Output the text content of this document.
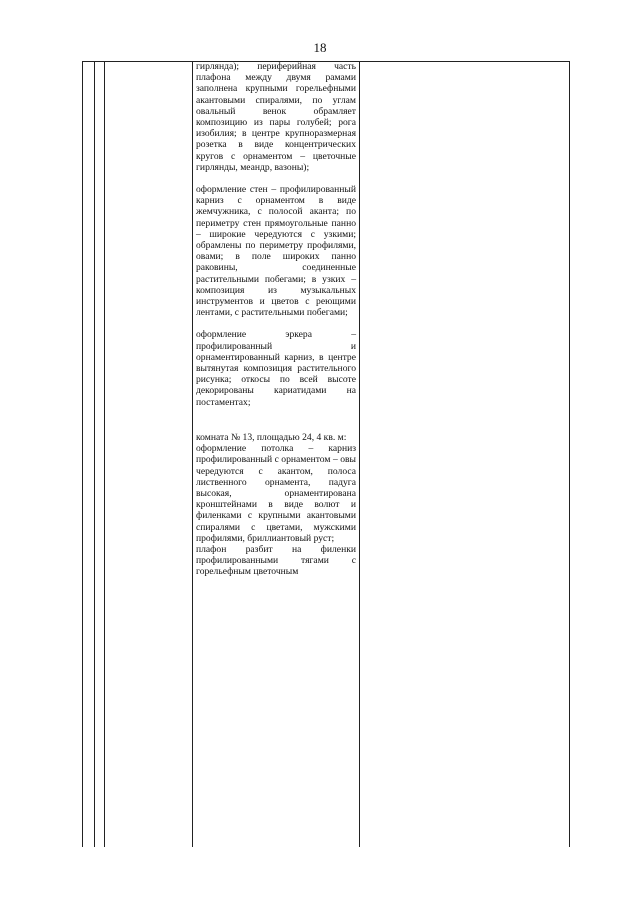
18

гирлянда); периферийная часть плафона между двумя рамами заполнена крупными горельефными акантовыми спиралями, по углам овальный венок обрамляет композицию из пары голубей; рога изобилия; в центре крупноразмерная розетка в виде концентрических кругов с орнаментом – цветочные гирлянды, меандр, вазоны);

оформление стен – профилированный карниз с орнаментом в виде жемчужника, с полосой аканта; по периметру стен прямоугольные панно – широкие чередуются с узкими; обрамлены по периметру профилями, овами; в поле широких панно раковины, соединенные растительными побегами; в узких – композиция из музыкальных инструментов и цветов с реющими лентами, с растительными побегами;

оформление эркера – профилированный и орнаментированный карниз, в центре вытянутая композиция растительного рисунка; откосы по всей высоте декорированы кариатидами на постаментах;

комната № 13, площадью 24, 4 кв. м:

оформление потолка – карниз профилированный с орнаментом – овы чередуются с акантом, полоса лиственного орнамента, падуга высокая, орнаментирована кронштейнами в виде волют и филенками с крупными акантовыми спиралями с цветами, мужскими профилями, бриллиантовый руст;

плафон разбит на филенки профилированными тягами с горельефным цветочным
